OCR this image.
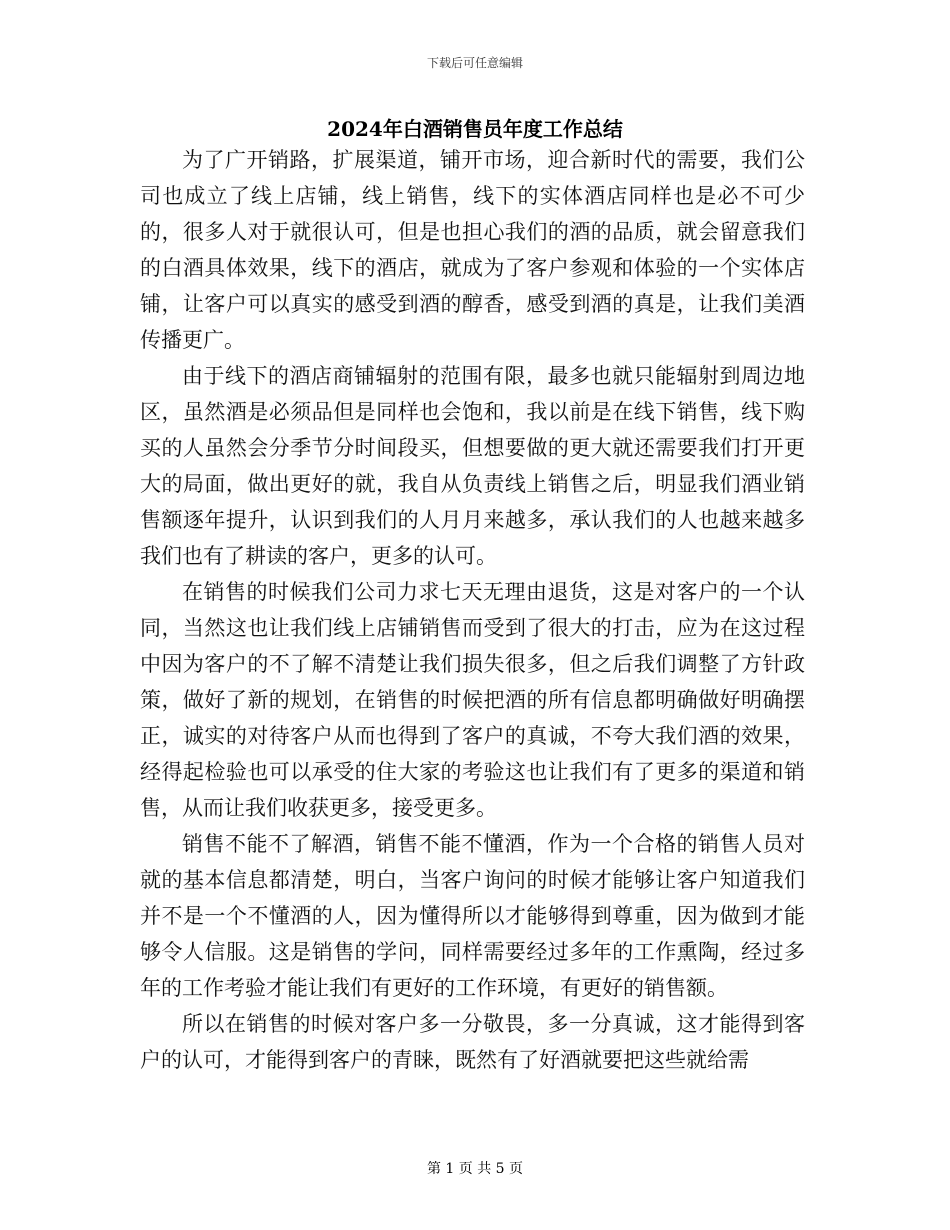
下载后可任意编辑
2024年白酒销售员年度工作总结

为了广开销路，扩展渠道，铺开市场，迎合新时代的需要，我们公司也成立了线上店铺，线上销售，线下的实体酒店同样也是必不可少的，很多人对于就很认可，但是也担心我们的酒的品质，就会留意我们的白酒具体效果，线下的酒店，就成为了客户参观和体验的一个实体店铺，让客户可以真实的感受到酒的醇香，感受到酒的真是，让我们美酒传播更广。

由于线下的酒店商铺辐射的范围有限，最多也就只能辐射到周边地区，虽然酒是必须品但是同样也会饱和，我以前是在线下销售，线下购买的人虽然会分季节分时间段买，但想要做的更大就还需要我们打开更大的局面，做出更好的就，我自从负责线上销售之后，明显我们酒业销售额逐年提升，认识到我们的人月月来越多，承认我们的人也越来越多我们也有了耕读的客户，更多的认可。

在销售的时候我们公司力求七天无理由退货，这是对客户的一个认同，当然这也让我们线上店铺销售而受到了很大的打击，应为在这过程中因为客户的不了解不清楚让我们损失很多，但之后我们调整了方针政策，做好了新的规划，在销售的时候把酒的所有信息都明确做好明确摆正，诚实的对待客户从而也得到了客户的真诚，不夸大我们酒的效果，经得起检验也可以承受的住大家的考验这也让我们有了更多的渠道和销售，从而让我们收获更多，接受更多。

销售不能不了解酒，销售不能不懂酒，作为一个合格的销售人员对就的基本信息都清楚，明白，当客户询问的时候才能够让客户知道我们并不是一个不懂酒的人，因为懂得所以才能够得到尊重，因为做到才能够令人信服。这是销售的学问，同样需要经过多年的工作熏陶，经过多年的工作考验才能让我们有更好的工作环境，有更好的销售额。

所以在销售的时候对客户多一分敬畏，多一分真诚，这才能得到客户的认可，才能得到客户的青睐，既然有了好酒就要把这些就给需

第 1 页 共 5 页
